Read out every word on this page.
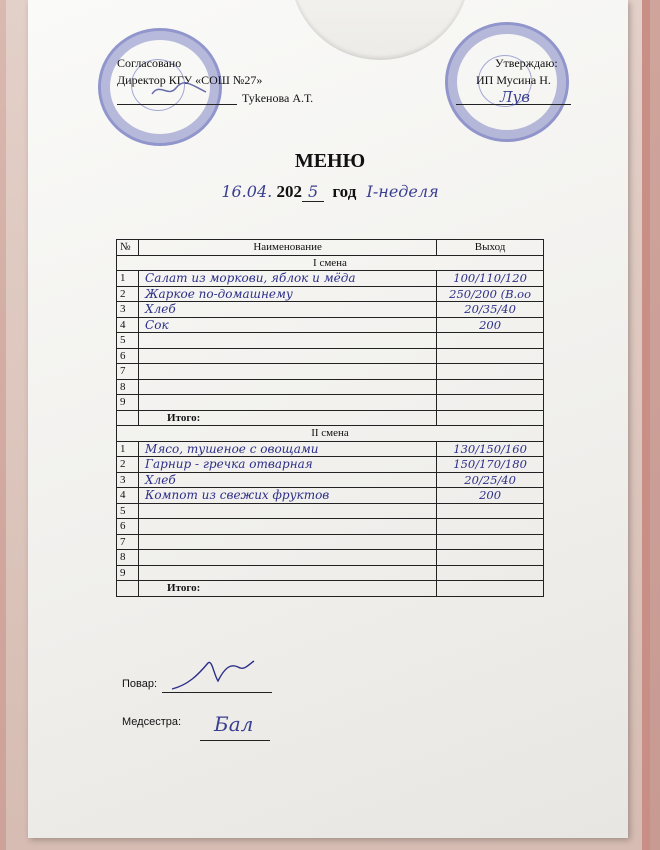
Согласовано
Директор КГУ «СОШ №27»
Туkенова А.Т.
Утверждаю:
ИП Мусина Н.
Лув
МЕНЮ
16.04. 202 5 год I-неделя
№	Наименование	Выход
I смена		
1	Салат из моркови, яблок и мёда	100/110/120
2	Жаркое по-домашнему	250/200 (В.оо
3	Хлеб	20/35/40
4	Сок	200
5		
6		
7		
8		
9		
	Итого:	
II смена		
1	Мясо, тушеное с овощами	130/150/160
2	Гарнир - гречка отварная	150/170/180
3	Хлеб	20/25/40
4	Компот из свежих фруктов	200
5		
6		
7		
8		
9		
	Итого:	
Повар:
Медсестра: Бал
